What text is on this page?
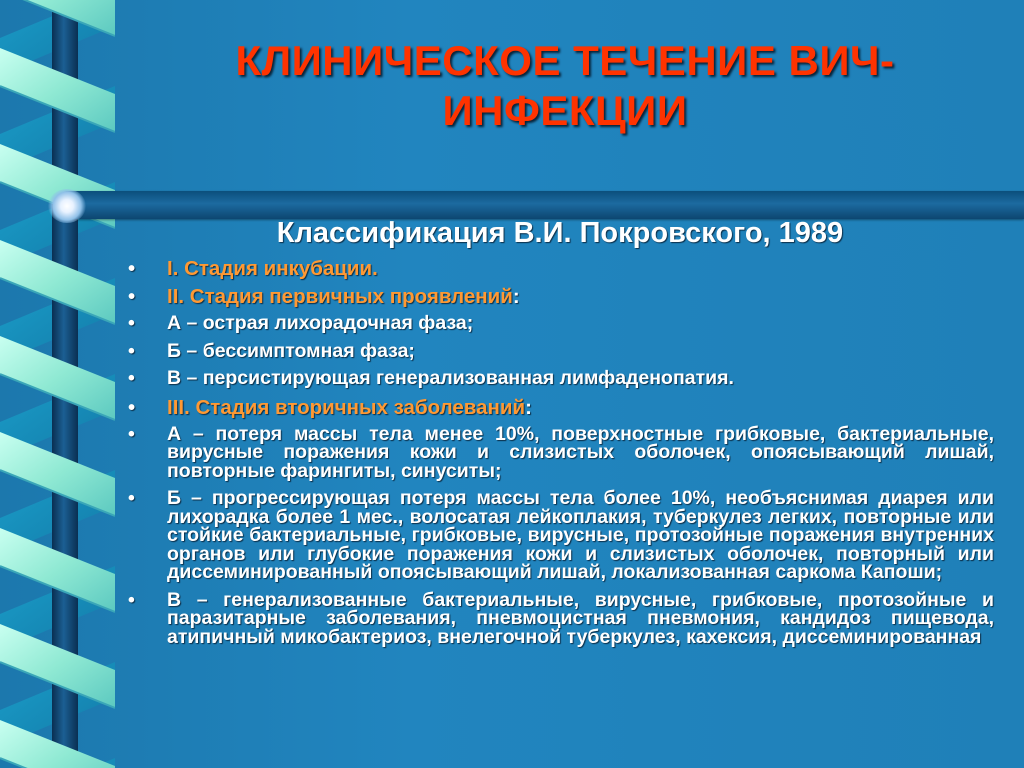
КЛИНИЧЕСКОЕ ТЕЧЕНИЕ ВИЧ-ИНФЕКЦИИ
Классификация В.И. Покровского, 1989
• I. Стадия инкубации.
• II. Стадия первичных проявлений:
• А – острая лихорадочная фаза;
• Б – бессимптомная фаза;
• В – персистирующая генерализованная лимфаденопатия.
• III. Стадия вторичных заболеваний:
• А – потеря массы тела менее 10%, поверхностные грибковые, бактериальные, вирусные поражения кожи и слизистых оболочек, опоясывающий лишай, повторные фарингиты, синуситы;
• Б – прогрессирующая потеря массы тела более 10%, необъяснимая диарея или лихорадка более 1 мес., волосатая лейкоплакия, туберкулез легких, повторные или стойкие бактериальные, грибковые, вирусные, протозойные поражения внутренних органов или глубокие поражения кожи и слизистых оболочек, повторный или диссеминированный опоясывающий лишай, локализованная саркома Капоши;
• В – генерализованные бактериальные, вирусные, грибковые, протозойные и паразитарные заболевания, пневмоцистная пневмония, кандидоз пищевода, атипичный микобактериоз, внелегочной туберкулез, кахексия, диссеминированная
